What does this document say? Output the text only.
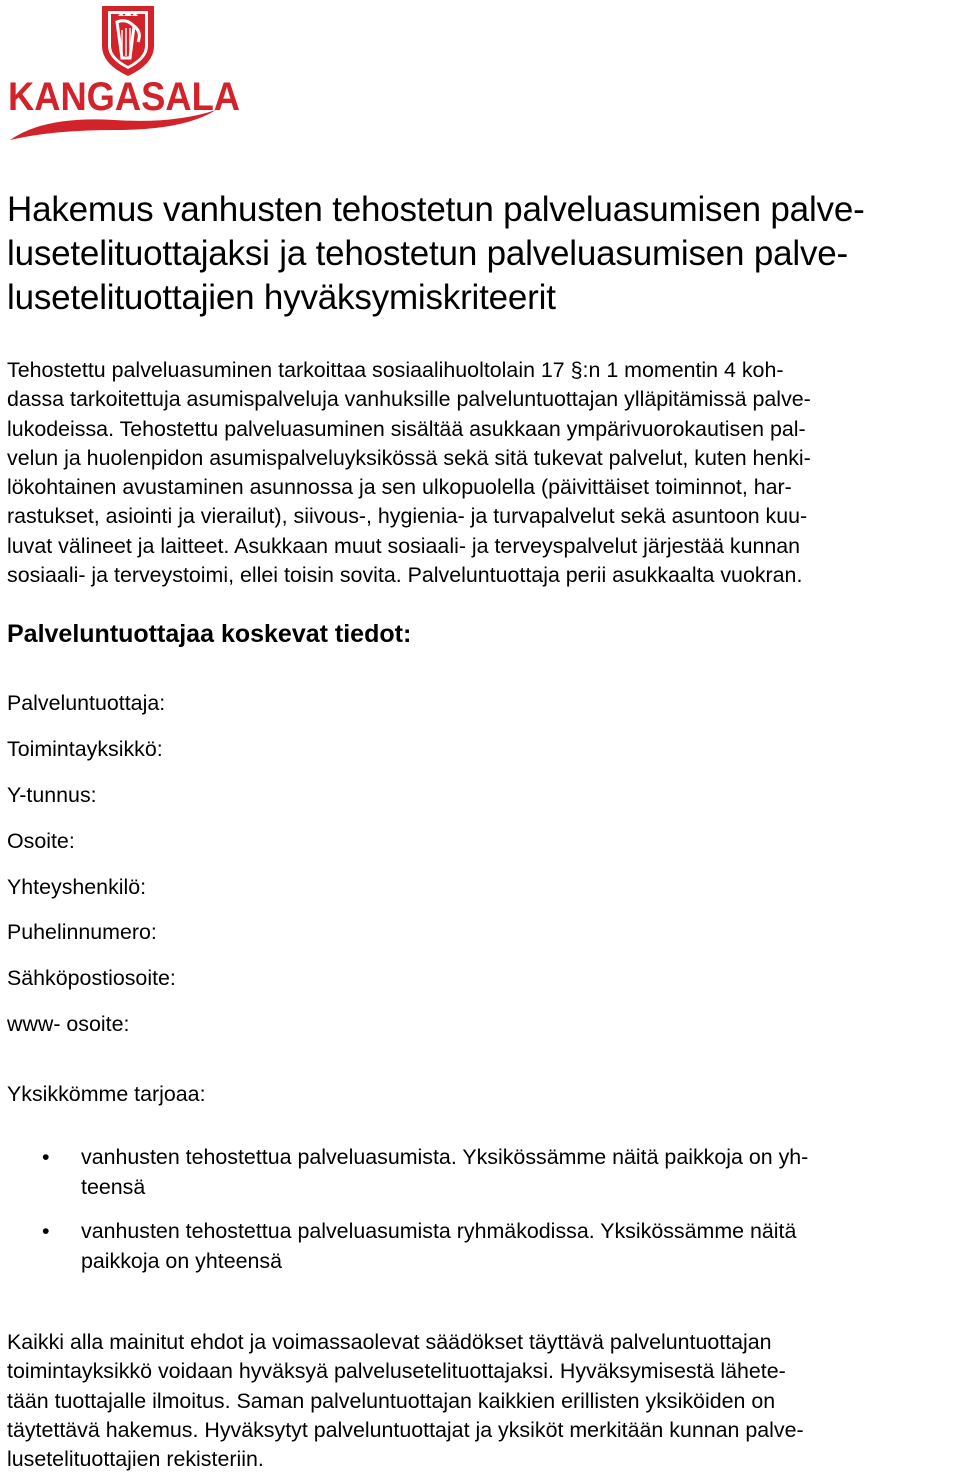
KANGASALA
Hakemus vanhusten tehostetun palveluasumisen palve-
lusetelituottajaksi ja tehostetun palveluasumisen palve-
lusetelituottajien hyväksymiskriteerit

Tehostettu palveluasuminen tarkoittaa sosiaalihuoltolain 17 §:n 1 momentin 4 koh-
dassa tarkoitettuja asumispalveluja vanhuksille palveluntuottajan ylläpitämissä palve-
lukodeissa. Tehostettu palveluasuminen sisältää asukkaan ympärivuorokautisen pal-
velun ja huolenpidon asumispalveluyksikössä sekä sitä tukevat palvelut, kuten henki-
lökohtainen avustaminen asunnossa ja sen ulkopuolella (päivittäiset toiminnot, har-
rastukset, asiointi ja vierailut), siivous-, hygienia- ja turvapalvelut sekä asuntoon kuu-
luvat välineet ja laitteet. Asukkaan muut sosiaali- ja terveyspalvelut järjestää kunnan
sosiaali- ja terveystoimi, ellei toisin sovita. Palveluntuottaja perii asukkaalta vuokran.

Palveluntuottajaa koskevat tiedot:
Palveluntuottaja:
Toimintayksikkö:
Y-tunnus:
Osoite:
Yhteyshenkilö:
Puhelinnumero:
Sähköpostiosoite:
www- osoite:

Yksikkömme tarjoaa:

• vanhusten tehostettua palveluasumista. Yksikössämme näitä paikkoja on yh-
teensä
• vanhusten tehostettua palveluasumista ryhmäkodissa. Yksikössämme näitä
paikkoja on yhteensä

Kaikki alla mainitut ehdot ja voimassaolevat säädökset täyttävä palveluntuottajan
toimintayksikkö voidaan hyväksyä palvelusetelituottajaksi. Hyväksymisestä lähete-
tään tuottajalle ilmoitus. Saman palveluntuottajan kaikkien erillisten yksiköiden on
täytettävä hakemus. Hyväksytyt palveluntuottajat ja yksiköt merkitään kunnan palve-
lusetelituottajien rekisteriin.
